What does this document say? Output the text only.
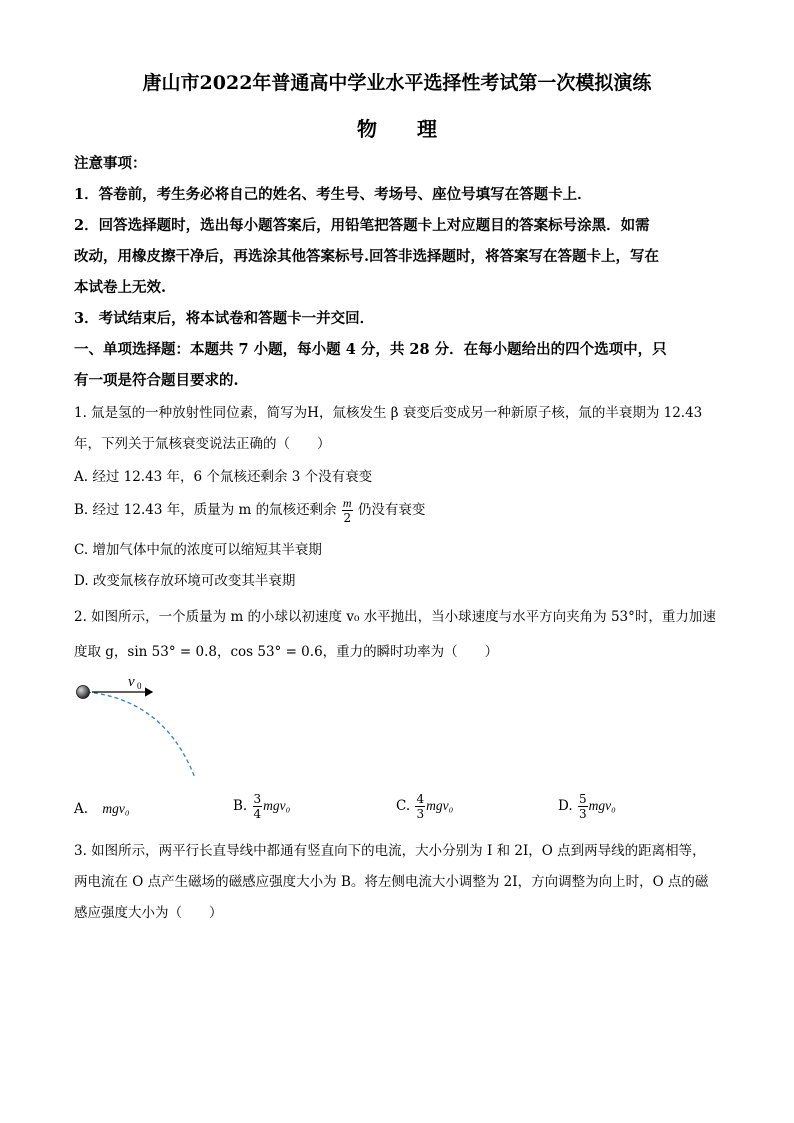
唐山市2022年普通高中学业水平选择性考试第一次模拟演练
物　　理
注意事项：
1．答卷前，考生务必将自己的姓名、考生号、考场号、座位号填写在答题卡上．
2．回答选择题时，选出每小题答案后，用铅笔把答题卡上对应题目的答案标号涂黑．如需
改动，用橡皮擦干净后，再选涂其他答案标号.回答非选择题时，将答案写在答题卡上，写在
本试卷上无效.
3．考试结束后，将本试卷和答题卡一并交回．
一、单项选择题：本题共 7 小题，每小题 4 分，共 28 分．在每小题给出的四个选项中，只
有一项是符合题目要求的.
1. 氚是氢的一种放射性同位素，简写为H，氚核发生 β 衰变后变成另一种新原子核，氚的半衰期为 12.43
年，下列关于氚核衰变说法正确的（　　）
A. 经过 12.43 年，6 个氚核还剩余 3 个没有衰变
B. 经过 12.43 年，质量为 m 的氚核还剩余 $\frac{m}{2}$ 仍没有衰变
C. 增加气体中氚的浓度可以缩短其半衰期
D. 改变氚核存放环境可改变其半衰期
2. 如图所示，一个质量为 m 的小球以初速度 v₀ 水平抛出，当小球速度与水平方向夹角为 53°时，重力加速
度取 g，sin 53° = 0.8，cos 53° = 0.6，重力的瞬时功率为（　　）
v 0
A. mgv₀	B. $\frac{3}{4} mgv_0$	C. $\frac{4}{3} mgv_0$	D. $\frac{5}{3} mgv_0$
3. 如图所示，两平行长直导线中都通有竖直向下的电流，大小分别为 I 和 2I，O 点到两导线的距离相等，
两电流在 O 点产生磁场的磁感应强度大小为 B。将左侧电流大小调整为 2I，方向调整为向上时，O 点的磁
感应强度大小为（　　）
